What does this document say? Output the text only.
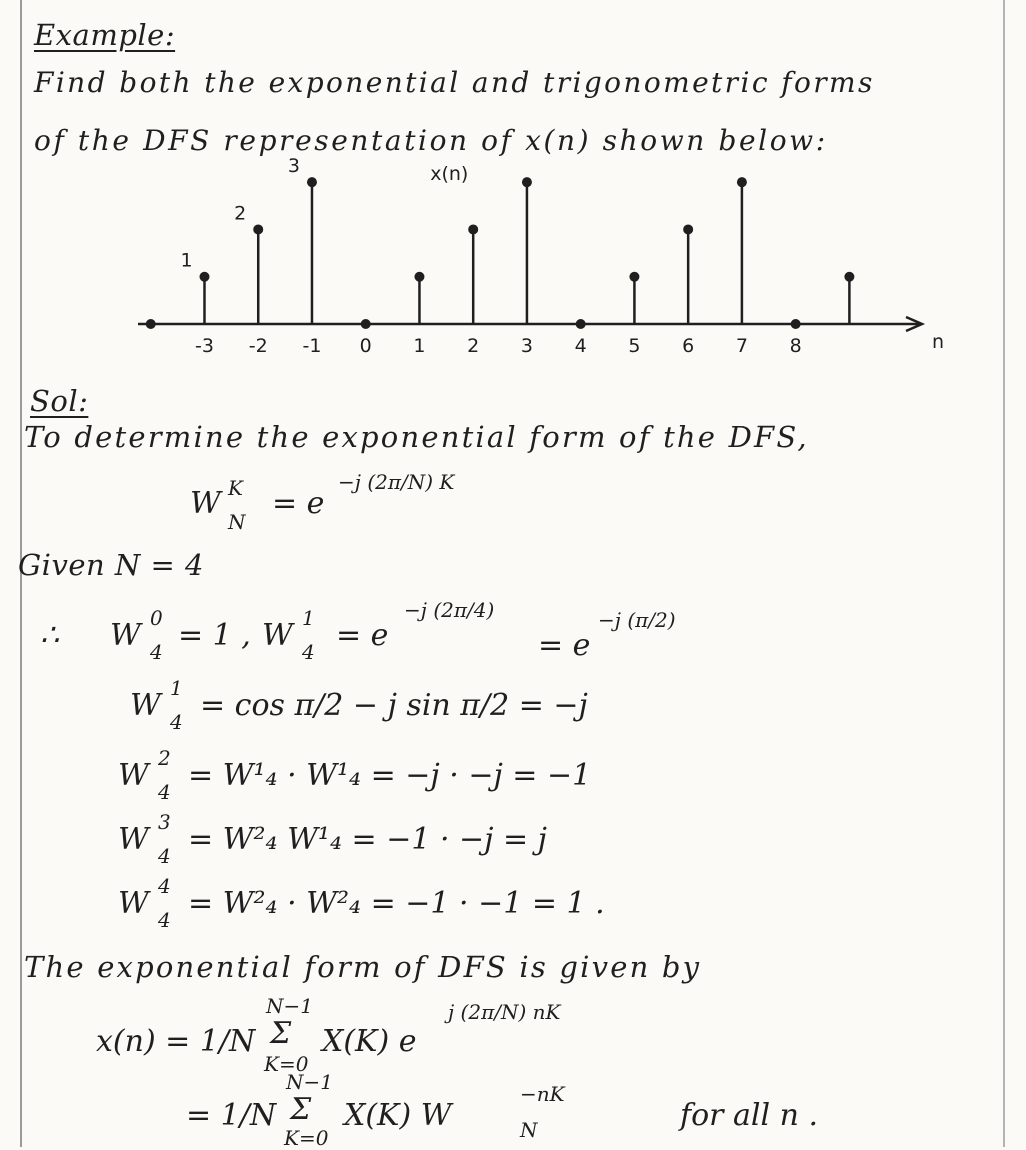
Example:
Find both the exponential and trigonometric forms
of the DFS representation of x(n) shown below:
n
x(n)
-3 -2 -1 0 1 2 3 4 5 6 7 8
1
2
3
Sol:
To determine the exponential form of the DFS,
W K
N
= e
−j (2π/N) K
Given N = 4
∴ W 0
4 = 1 , W 1
4 = e
−j (2π/4)
= e
−j (π/2)
W 1
4 = cos π/2 − j sin π/2 = −j
W 2
4 = W¹₄ · W¹₄ = −j · −j = −1
W 3
4 = W²₄ W¹₄ = −1 · −j = j
W 4
4 = W²₄ · W²₄ = −1 · −1 = 1 .
The exponential form of DFS is given by
x(n) = 1/N
N−1
Σ
K=0
X(K) e
j (2π/N) nK
= 1/N
N−1
Σ
K=0
X(K) W
−nK
N	for all n .
